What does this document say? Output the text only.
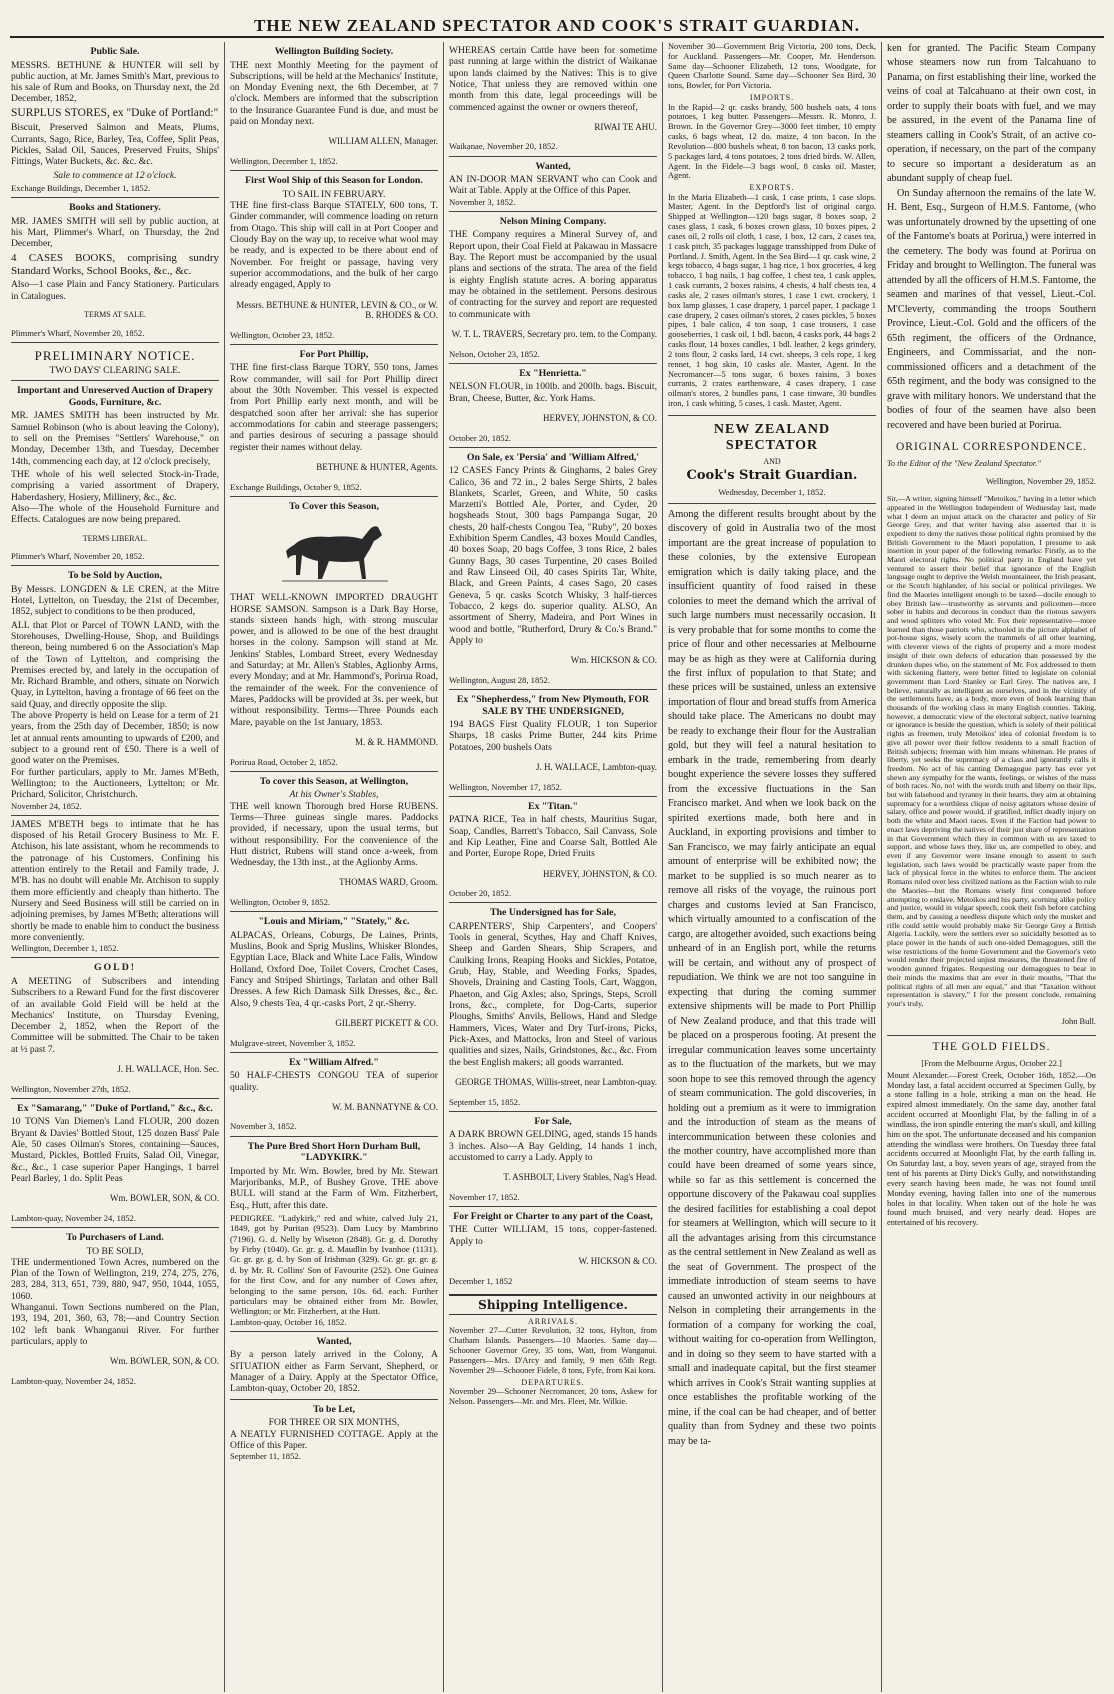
THE NEW ZEALAND SPECTATOR AND COOK'S STRAIT GUARDIAN.
Public Sale.

MESSRS. BETHUNE & HUNTER will sell by public auction, at Mr. James Smith's Mart, previous to his sale of Rum and Books, on Thursday next, the 2d December, 1852,

SURPLUS STORES, ex "Duke of Portland:"

Biscuit, Preserved Salmon and Meats, Plums, Currants, Sago, Rice, Barley, Tea, Coffee, Split Peas, Pickles, Salad Oil, Sauces, Preserved Fruits, Ships' Fittings, Water Buckets, &c. &c. &c.

Sale to commence at 12 o'clock.

Exchange Buildings, December 1, 1852.

Books and Stationery.

MR. JAMES SMITH will sell by public auction, at his Mart, Plimmer's Wharf, on Thursday, the 2nd December,

4 CASES BOOKS, comprising sundry Standard Works, School Books, &c., &c.

Also—1 case Plain and Fancy Stationery. Particulars in Catalogues.

TERMS AT SALE.

Plimmer's Wharf, November 20, 1852.

PRELIMINARY NOTICE.
TWO DAYS' CLEARING SALE.
Important and Unreserved Auction of Drapery Goods, Furniture, &c.

MR. JAMES SMITH has been instructed by Mr. Samuel Robinson (who is about leaving the Colony), to sell on the Premises "Settlers' Warehouse," on Monday, December 13th, and Tuesday, December 14th, commencing each day, at 12 o'clock precisely,

THE whole of his well selected Stock-in-Trade, comprising a varied assortment of Drapery, Haberdashery, Hosiery, Millinery, &c., &c.

Also—The whole of the Household Furniture and Effects. Catalogues are now being prepared.

TERMS LIBERAL.

Plimmer's Wharf, November 20, 1852.

To be Sold by Auction,

By Messrs. LONGDEN & LE CREN, at the Mitre Hotel, Lyttelton, on Tuesday, the 21st of December, 1852, subject to conditions to be then produced,

ALL that Plot or Parcel of TOWN LAND, with the Storehouses, Dwelling-House, Shop, and Buildings thereon, being numbered 6 on the Association's Map of the Town of Lyttelton, and comprising the Premises erected by, and lately in the occupation of Mr. Richard Bramble, and others, situate on Norwich Quay, in Lyttelton, having a frontage of 66 feet on the said Quay, and directly opposite the slip.

The above Property is held on Lease for a term of 21 years, from the 25th day of December, 1850; is now let at annual rents amounting to upwards of £200, and subject to a ground rent of £50. There is a well of good water on the Premises.

For further particulars, apply to Mr. James M'Beth, Wellington; to the Auctioneers, Lyttelton; or Mr. Prichard, Solicitor, Christchurch.

November 24, 1852.

JAMES M'BETH begs to intimate that he has disposed of his Retail Grocery Business to Mr. F. Atchison, his late assistant, whom he recommends to the patronage of his Customers. Confining his attention entirely to the Retail and Family trade, J. M'B. has no doubt will enable Mr. Atchison to supply them more efficiently and cheaply than hitherto. The Nursery and Seed Business will still be carried on in adjoining premises, by James M'Beth; alterations will shortly be made to enable him to conduct the business more conveniently.

Wellington, December 1, 1852.

GOLD!

A MEETING of Subscribers and intending Subscribers to a Reward Fund for the first discoverer of an available Gold Field will be held at the Mechanics' Institute, on Thursday Evening, December 2, 1852, when the Report of the Committee will be submitted. The Chair to be taken at ½ past 7.

J. H. WALLACE, Hon. Sec.

Wellington, November 27th, 1852.

Ex "Samarang," "Duke of Portland," &c., &c.

10 TONS Van Diemen's Land FLOUR, 200 dozen Bryant & Davies' Bottled Stout, 125 dozen Bass' Pale Ale, 50 cases Oilman's Stores, containing—Sauces, Mustard, Pickles, Bottled Fruits, Salad Oil, Vinegar, &c., &c., 1 case superior Paper Hangings, 1 barrel Pearl Barley, 1 do. Split Peas

Wm. BOWLER, SON, & CO.

Lambton-quay, November 24, 1852.

To Purchasers of Land.
TO BE SOLD,

THE undermentioned Town Acres, numbered on the Plan of the Town of Wellington, 219, 274, 275, 276, 283, 284, 313, 651, 739, 880, 947, 950, 1044, 1055, 1060.

Whanganui. Town Sections numbered on the Plan, 193, 194, 201, 360, 63, 78;—and Country Section 102 left bank Whanganui River. For further particulars, apply to

Wm. BOWLER, SON, & CO.

Lambton-quay, November 24, 1852.

Wellington Building Society.

THE next Monthly Meeting for the payment of Subscriptions, will be held at the Mechanics' Institute, on Monday Evening next, the 6th December, at 7 o'clock. Members are informed that the subscription to the Insurance Guarantee Fund is due, and must be paid on Monday next.

WILLIAM ALLEN, Manager.

Wellington, December 1, 1852.

First Wool Ship of this Season for London.
TO SAIL IN FEBRUARY.

THE fine first-class Barque STATELY, 600 tons, T. Ginder commander, will commence loading on return from Otago. This ship will call in at Port Cooper and Cloudy Bay on the way up, to receive what wool may be ready, and is expected to be there about end of November. For freight or passage, having very superior accommodations, and the bulk of her cargo already engaged, Apply to

Messrs. BETHUNE & HUNTER, LEVIN & CO., or W. B. RHODES & CO.

Wellington, October 23, 1852.

For Port Phillip,

THE fine first-class Barque TORY, 550 tons, James Row commander, will sail for Port Phillip direct about the 30th November. This vessel is expected from Port Phillip early next month, and will be despatched soon after her arrival: she has superior accommodations for cabin and steerage passengers; and parties desirous of securing a passage should register their names without delay.

BETHUNE & HUNTER, Agents.

Exchange Buildings, October 9, 1852.

To Cover this Season,

THAT WELL-KNOWN IMPORTED DRAUGHT HORSE SAMSON. Sampson is a Dark Bay Horse, stands sixteen hands high, with strong muscular power, and is allowed to be one of the best draught horses in the colony. Sampson will stand at Mr. Jenkins' Stables, Lombard Street, every Wednesday and Saturday; at Mr. Allen's Stables, Aglionby Arms, every Monday; and at Mr. Hammond's, Porirua Road, the remainder of the week. For the convenience of Mares, Paddocks will be provided at 3s. per week, but without responsibility. Terms—Three Pounds each Mare, payable on the 1st January, 1853.

M. & R. HAMMOND.

Porirua Road, October 2, 1852.

To cover this Season, at Wellington,
At his Owner's Stables,

THE well known Thorough bred Horse RUBENS. Terms—Three guineas single mares. Paddocks provided, if necessary, upon the usual terms, but without responsibility. For the convenience of the Hutt district, Rubens will stand once a-week, from Wednesday, the 13th inst., at the Aglionby Arms.

THOMAS WARD, Groom.

Wellington, October 9, 1852.

"Louis and Miriam," "Stately," &c.

ALPACAS, Orleans, Coburgs, De Laines, Prints, Muslins, Book and Sprig Muslins, Whisker Blondes, Egyptian Lace, Black and White Lace Falls, Window Holland, Oxford Doe, Toilet Covers, Crochet Cases, Fancy and Striped Shirtings, Tarlatan and other Ball Dresses. A few Rich Damask Silk Dresses, &c., &c. Also, 9 chests Tea, 4 qr.-casks Port, 2 qr.-Sherry.

GILBERT PICKETT & CO.

Mulgrave-street, November 3, 1852.

Ex "William Alfred."

50 HALF-CHESTS CONGOU TEA of superior quality.

W. M. BANNATYNE & CO.

November 3, 1852.

The Pure Bred Short Horn Durham Bull, "LADYKIRK."

Imported by Mr. Wm. Bowler, bred by Mr. Stewart Marjoribanks, M.P., of Bushey Grove. THE above BULL will stand at the Farm of Wm. Fitzherbert, Esq., Hutt, after this date.

PEDIGREE. "Ladykirk," red and white, calved July 21, 1849, got by Puritan (9523). Dam Lucy by Mambrino (7196). G. d. Nelly by Wiseton (2848). Gr. g. d. Dorothy by Firby (1040). Gr. gr. g. d. Maudlin by Ivanhoe (1131). Gr. gr. gr. g. d. by Son of Irishman (329). Gr. gr. gr. gr. g. d. by Mr. R. Collins' Son of Favourite (252). One Guinea for the first Cow, and for any number of Cows after, belonging to the same person, 10s. 6d. each. Further particulars may be obtained either from Mr. Bowler, Wellington; or Mr. Fitzherbert, at the Hutt.

Lambton-quay, October 16, 1852.

Wanted,

By a person lately arrived in the Colony, A SITUATION either as Farm Servant, Shepherd, or Manager of a Dairy. Apply at the Spectator Office, Lambton-quay, October 20, 1852.

To be Let,
FOR THREE OR SIX MONTHS,

A NEATLY FURNISHED COTTAGE. Apply at the Office of this Paper.

September 11, 1852.

WHEREAS certain Cattle have been for sometime past running at large within the district of Waikanae upon lands claimed by the Natives: This is to give Notice, That unless they are removed within one month from this date, legal proceedings will be commenced against the owner or owners thereof,

RIWAI TE AHU.

Waikanae, November 20, 1852.

Wanted,

AN IN-DOOR MAN SERVANT who can Cook and Wait at Table. Apply at the Office of this Paper.

November 3, 1852.

Nelson Mining Company.

THE Company requires a Mineral Survey of, and Report upon, their Coal Field at Pakawau in Massacre Bay. The Report must be accompanied by the usual plans and sections of the strata. The area of the field is eighty English statute acres. A boring apparatus may be obtained in the settlement. Persons desirous of contracting for the survey and report are requested to communicate with

W. T. L. TRAVERS, Secretary pro. tem. to the Company.

Nelson, October 23, 1852.

Ex "Henrietta."

NELSON FLOUR, in 100lb. and 200lb. bags. Biscuit, Bran, Cheese, Butter, &c. York Hams.

HERVEY, JOHNSTON, & CO.

October 20, 1852.

On Sale, ex 'Persia' and 'William Alfred,'

12 CASES Fancy Prints & Ginghams, 2 bales Grey Calico, 36 and 72 in., 2 bales Serge Shirts, 2 bales Blankets, Scarlet, Green, and White, 50 casks Marzetti's Bottled Ale, Porter, and Cyder, 20 hogsheads Stout, 300 bags Pampanga Sugar, 20 chests, 20 half-chests Congou Tea, "Ruby", 20 boxes Exhibition Sperm Candles, 43 boxes Mould Candles, 40 boxes Soap, 20 bags Coffee, 3 tons Rice, 2 bales Gunny Bags, 30 cases Turpentine, 20 cases Boiled and Raw Linseed Oil, 40 cases Spirits Tar, White, Black, and Green Paints, 4 cases Sago, 20 cases Geneva, 5 qr. casks Scotch Whisky, 3 half-tierces Tobacco, 2 kegs do. superior quality. ALSO, An assortment of Sherry, Madeira, and Port Wines in wood and bottle, "Rutherford, Drury & Co.'s Brand." Apply to

Wm. HICKSON & CO.

Wellington, August 28, 1852.

Ex "Shepherdess," from New Plymouth, FOR SALE BY THE UNDERSIGNED,

194 BAGS First Quality FLOUR, 1 ton Superior Sharps, 18 casks Prime Butter, 244 kits Prime Potatoes, 200 bushels Oats

J. H. WALLACE, Lambton-quay.

Wellington, November 17, 1852.

Ex "Titan."

PATNA RICE, Tea in half chests, Mauritius Sugar, Soap, Candles, Barrett's Tobacco, Sail Canvass, Sole and Kip Leather, Fine and Coarse Salt, Bottled Ale and Porter, Europe Rope, Dried Fruits

HERVEY, JOHNSTON, & CO.

October 20, 1852.

The Undersigned has for Sale,

CARPENTERS', Ship Carpenters', and Coopers' Tools in general, Scythes, Hay and Chaff Knives, Sheep and Garden Shears, Ship Scrapers, and Caulking Irons, Reaping Hooks and Sickles, Potatoe, Grub, Hay, Stable, and Weeding Forks, Spades, Shovels, Draining and Casting Tools, Cart, Waggon, Phaeton, and Gig Axles; also, Springs, Steps, Scroll Irons, &c., complete, for Dog-Carts, superior Ploughs, Smiths' Anvils, Bellows, Hand and Sledge Hammers, Vices, Water and Dry Turf-irons, Picks, Pick-Axes, and Mattocks, Iron and Steel of various qualities and sizes, Nails, Grindstones, &c., &c. From the best English makers; all goods warranted.

GEORGE THOMAS, Willis-street, near Lambton-quay.

September 15, 1852.

For Sale,

A DARK BROWN GELDING, aged, stands 15 hands 3 inches. Also—A Bay Gelding, 14 hands 1 inch, accustomed to carry a Lady. Apply to

T. ASHBOLT, Livery Stables, Nag's Head.

November 17, 1852.

For Freight or Charter to any part of the Coast,

THE Cutter WILLIAM, 15 tons, copper-fastened. Apply to

W. HICKSON & CO.

December 1, 1852

Shipping Intelligence.
ARRIVALS.

November 27—Cutter Revolution, 32 tons, Hylton, from Chatham Islands. Passengers—10 Maories. Same day—Schooner Governor Grey, 35 tons, Watt, from Wanganui. Passengers—Mrs. D'Arcy and family, 9 men 65th Regt. November 29—Schooner Fidele, 8 tons, Fyfe, from Kai kora.

DEPARTURES.

November 29—Schooner Necromancer, 20 tons, Askew for Nelson. Passengers—Mr. and Mrs. Fleet, Mr. Wilkie.

November 30—Government Brig Victoria, 200 tons, Deck, for Auckland. Passengers—Mr. Cooper, Mr. Henderson. Same day—Schooner Elizabeth, 12 tons, Woodgate, for Queen Charlotte Sound. Same day—Schooner Sea Bird, 30 tons, Bowler, for Port Victoria.

IMPORTS.

In the Rapid—2 qr. casks brandy, 500 bushels oats, 4 tons potatoes, 1 keg butter. Passengers—Messrs. R. Monro, J. Brown. In the Governor Grey—3000 feet timber, 10 empty casks, 6 bags wheat, 12 do. maize, 4 ton bacon. In the Revolution—800 bushels wheat, 8 ton bacon, 13 casks pork, 5 packages lard, 4 tons potatoes, 2 tons dried birds. W. Allen, Agent. In the Fidele—3 bags wool, 8 casks oil. Master, Agent.

EXPORTS.

In the Maria Elizabeth—1 cask, 1 case prints, 1 case slops. Master, Agent. In the Deptford's list of original cargo. Shipped at Wellington—120 bags sugar, 8 boxes soap, 2 cases glass, 1 cask, 6 boxes crown glass, 10 boxes pipes, 2 cases oil, 2 rolls oil cloth, 1 case, 1 box, 12 cars, 2 cases tea, 1 cask pitch, 35 packages luggage transshipped from Duke of Portland. J. Smith, Agent. In the Sea Bird—1 qr. cask wine, 2 kegs tobacco, 4 bags sugar, 1 bag rice, 1 box groceries, 4 keg tobacco, 1 bag nails, 1 bag coffee, 1 chest tea, 1 cask apples, 1 cask currants, 2 boxes raisins, 4 chests, 4 half chests tea, 4 casks ale, 2 cases oilman's stores, 1 case 1 cwt. crockery, 1 box lamp glasses, 1 case drapery, 1 parcel paper, 1 package 1 case drapery, 2 cases oilman's stores, 2 cases pickles, 5 boxes pipes, 1 bale calico, 4 ton soap, 1 case trousers, 1 case gooseberries, 1 cask oil, 1 bdl. bacon, 4 casks pork, 44 bags 2 casks flour, 14 boxes candles, 1 bdl. leather, 2 kegs grindery, 2 tons flour, 2 casks lard, 14 cwt. sheeps, 3 cels rope, 1 keg rennet, 1 hog skin, 10 casks ale. Master, Agent. In the Necromancer—5 tons sugar, 6 boxes raisins, 3 boxes currants, 2 crates earthenware, 4 cases drapery, 1 case oilman's stores, 2 bundles pans, 1 case tinware, 30 bundles iron, 1 cask whiting, 5 cases, 1 cask. Master, Agent.

NEW ZEALAND SPECTATOR
AND
Cook's Strait Guardian.
Wednesday, December 1, 1852.

Among the different results brought about by the discovery of gold in Australia two of the most important are the great increase of population to these colonies, by the extensive European emigration which is daily taking place, and the insufficient quantity of food raised in these colonies to meet the demand which the arrival of such large numbers must necessarily occasion. It is very probable that for some months to come the price of flour and other necessaries at Melbourne may be as high as they were at California during the first influx of population to that State; and these prices will be sustained, unless an extensive importation of flour and bread stuffs from America should take place. The Americans no doubt may be ready to exchange their flour for the Australian gold, but they will feel a natural hesitation to embark in the trade, remembering from dearly bought experience the severe losses they suffered from the excessive fluctuations in the San Francisco market. And when we look back on the spirited exertions made, both here and in Auckland, in exporting provisions and timber to San Francisco, we may fairly anticipate an equal amount of enterprise will be exhibited now; the market to be supplied is so much nearer as to remove all risks of the voyage, the ruinous port charges and customs levied at San Francisco, which virtually amounted to a confiscation of the cargo, are altogether avoided, such exactions being unheard of in an English port, while the returns will be certain, and without any of prospect of repudiation. We think we are not too sanguine in expecting that during the coming summer extensive shipments will be made to Port Phillip of New Zealand produce, and that this trade will be placed on a prosperous footing. At present the irregular communication leaves some uncertainty as to the fluctuation of the markets, but we may soon hope to see this removed through the agency of steam communication. The gold discoveries, in holding out a premium as it were to immigration and the introduction of steam as the means of intercommunication between these colonies and the mother country, have accomplished more than could have been dreamed of some years since, while so far as this settlement is concerned the opportune discovery of the Pakawau coal supplies the desired facilities for establishing a coal depot for steamers at Wellington, which will secure to it all the advantages arising from this circumstance as the central settlement in New Zealand as well as the seat of Government. The prospect of the immediate introduction of steam seems to have caused an unwonted activity in our neighbours at Nelson in completing their arrangements in the formation of a company for working the coal, without waiting for co-operation from Wellington, and in doing so they seem to have started with a small and inadequate capital, but the first steamer which arrives in Cook's Strait wanting supplies at once establishes the profitable working of the mine, if the coal can be had cheaper, and of better quality than from Sydney and these two points may be ta-

ken for granted. The Pacific Steam Company whose steamers now run from Talcahuano to Panama, on first establishing their line, worked the veins of coal at Talcahuano at their own cost, in order to supply their boats with fuel, and we may be assured, in the event of the Panama line of steamers calling in Cook's Strait, of an active co-operation, if necessary, on the part of the company to secure so important a desideratum as an abundant supply of cheap fuel.

On Sunday afternoon the remains of the late W. H. Bent, Esq., Surgeon of H.M.S. Fantome, (who was unfortunately drowned by the upsetting of one of the Fantome's boats at Porirua,) were interred in the cemetery. The body was found at Porirua on Friday and brought to Wellington. The funeral was attended by all the officers of H.M.S. Fantome, the seamen and marines of that vessel, Lieut.-Col. M'Cleverty, commanding the troops Southern Province, Lieut.-Col. Gold and the officers of the 65th regiment, the officers of the Ordnance, Engineers, and Commissariat, and the non-commissioned officers and a detachment of the 65th regiment, and the body was consigned to the grave with military honors. We understand that the bodies of four of the seamen have also been recovered and have been buried at Porirua.

ORIGINAL CORRESPONDENCE.

To the Editor of the "New Zealand Spectator."

Wellington, November 29, 1852.

Sir,—A writer, signing himself "Metoikos," having in a letter which appeared in the Wellington Independent of Wednesday last, made what I deem an unjust attack on the character and policy of Sir George Grey, and that writer having also asserted that it is expedient to deny the natives those political rights promised by the British Government to the Maori population, I presume to ask insertion in your paper of the following remarks: Firstly, as to the Maori electoral rights. No political party in England have yet ventured to assert their belief that ignorance of the English language ought to deprive the Welsh mountaineer, the Irish peasant, or the Scotch highlander, of his social or political privileges. We find the Maories intelligent enough to be taxed—docile enough to obey British law—trustworthy as servants and policemen—more sober in habits and decorous in conduct than the riotous sawyers and wood splitters who voted Mr. Fox their representative—more learned than those patriots who, schooled in the picture alphabet of pot-house signs, wisely scorn the trammels of all other learning, with cleverer views of the rights of property and a more modest insight of their own defects of education than possessed by the drunken dupes who, on the statement of Mr. Fox addressed to them with sickening flattery, were better fitted to legislate on colonial government than Lord Stanley or Earl Grey. The natives are, I believe, naturally as intelligent as ourselves, and in the vicinity of the settlements have, as a body, more even of book learning than thousands of the working class in many English counties. Taking, however, a democratic view of the electoral subject, native learning or ignorance is beside the question, which is solely of their political rights as freemen, truly Metoikos' idea of colonial freedom is to give all power over their fellow residents to a small fraction of British subjects; freeman with him means whiteman. He prates of liberty, yet seeks the supremacy of a class and ignorantly calls it freedom. No act of his canting Demagogue party has ever yet shewn any sympathy for the wants, feelings, or wishes of the mass of both races. No, no! with the words truth and liberty on their lips, but with falsehood and tyranny in their hearts, they aim at obtaining supremacy for a worthless clique of noisy agitators whose desire of salary, office and power would, if gratified, inflict deadly injury on both the white and Maori races. Even if the Faction had power to enact laws depriving the natives of their just share of representation in that Government which they in common with us are taxed to support, and whose laws they, like us, are compelled to obey, and even if any Governor were insane enough to assent to such legislation, such laws would be practically waste paper from the lack of physical force in the whites to enforce them. The ancient Romans ruled over less civilized nations as the Faction wish to rule the Maories—but the Romans wisely first conquered before attempting to enslave. Metoikos and his party, scorning alike policy and justice, would in vulgar speech, cook their fish before catching them, and by causing a needless dispute which only the musket and rifle could settle would probably make Sir George Grey a British Algeria. Luckily, were the settlers ever so suicidally besotted as to place power in the hands of such one-sided Demagogues, still the wise restrictions of the home Government and the Governor's veto would render their projected unjust measures, the threatened fire of wooden gunned frigates. Requesting our demagogues to bear in their minds the maxims that are ever in their mouths, "That the political rights of all men are equal," and that "Taxation without representation is slavery," I for the present conclude, remaining your's truly,

John Bull.

THE GOLD FIELDS.

[From the Melbourne Argus, October 22.]

Mount Alexander.—Forest Creek, October 16th, 1852.—On Monday last, a fatal accident occurred at Specimen Gully, by a stone falling in a hole, striking a man on the head. He expired almost immediately. On the same day, another fatal accident occurred at Moonlight Flat, by the falling in of a windlass, the iron spindle entering the man's skull, and killing him on the spot. The unfortunate deceased and his companion attending the windlass were brothers. On Tuesday three fatal accidents occurred at Moonlight Flat, by the earth falling in. On Saturday last, a boy, seven years of age, strayed from the tent of his parents at Dirty Dick's Gully, and notwithstanding every search having been made, he was not found until Monday evening, having fallen into one of the numerous holes in that locality. When taken out of the hole he was found much bruised, and very nearly dead. Hopes are entertained of his recovery.
